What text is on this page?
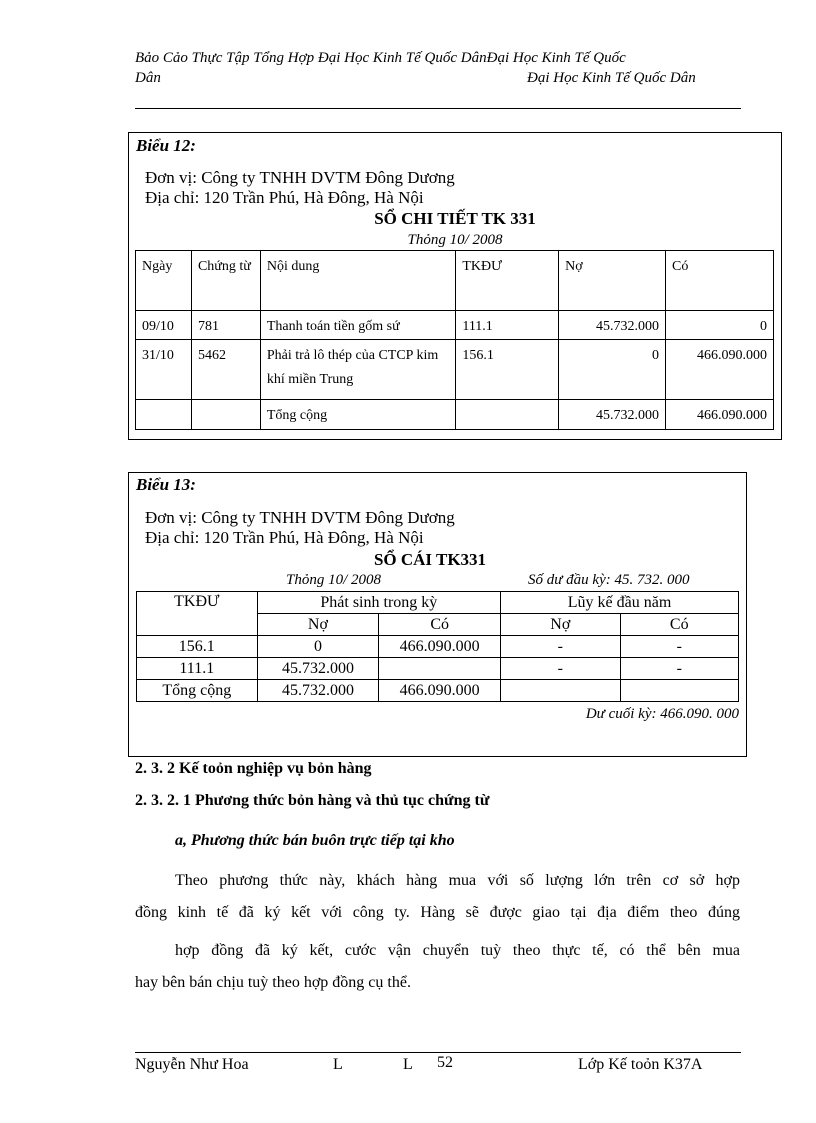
Bảo Cảo Thực Tập Tổng Hợp Đại Học Kinh Tế Quốc DânĐại Học Kinh Tế Quốc
Dân	Đại Học Kinh Tế Quốc Dân
Biểu 12:
Đơn vị: Công ty TNHH DVTM Đông Dương
Địa chỉ: 120 Trần Phú, Hà Đông, Hà Nội
SỔ CHI TIẾT TK 331
Thỏng 10/ 2008
Ngày	Chứng từ	Nội dung	TKĐƯ	Nợ	Có
09/10	781	Thanh toán tiền gốm sứ	111.1	45.732.000	0
31/10	5462	Phải trả lô thép của CTCP kim khí miền Trung	156.1	0	466.090.000
		Tổng cộng		45.732.000	466.090.000
Biểu 13:
Đơn vị: Công ty TNHH DVTM Đông Dương
Địa chỉ: 120 Trần Phú, Hà Đông, Hà Nội
SỔ CÁI TK331
Thỏng 10/ 2008	Số dư đầu kỳ: 45. 732. 000
TKĐƯ	Phát sinh trong kỳ		Lũy kế đầu năm	
	Nợ	Có	Nợ	Có
156.1	0	466.090.000	-	-
111.1	45.732.000		-	-
Tổng cộng	45.732.000	466.090.000		
Dư cuối kỳ: 466.090. 000
2. 3. 2 Kế toỏn nghiệp vụ bỏn hàng
2. 3. 2. 1 Phương thức bỏn hàng và thủ tục chứng từ
a, Phương thức bán buôn trực tiếp tại kho
Theo phương thức này, khách hàng mua với số lượng lớn trên cơ sở hợp
đồng kinh tế đã ký kết với công ty. Hàng sẽ được giao tại địa điểm theo đúng
hợp đồng đã ký kết, cước vận chuyển tuỳ theo thực tế, có thể bên mua
hay bên bán chịu tuỳ theo hợp đồng cụ thể.
Nguyễn Như Hoa	L	L 52	Lớp Kế toỏn K37A
